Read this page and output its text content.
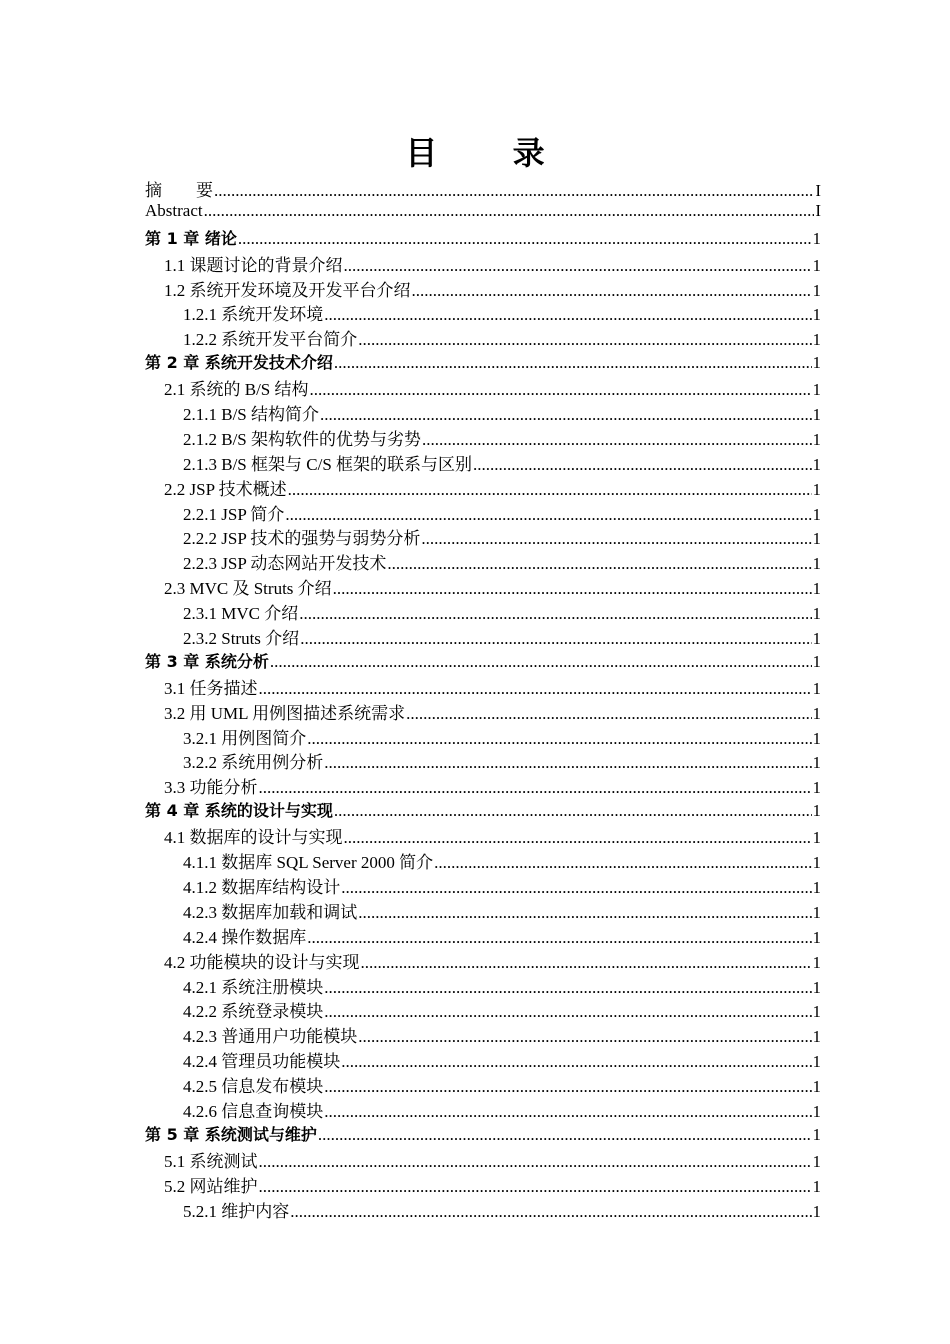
目 录
摘　　要 .....	I
Abstract .....	I
第 1 章 绪论 .....	1
1.1 课题讨论的背景介绍 .....	1
1.2 系统开发环境及开发平台介绍 .....	1
1.2.1 系统开发环境 .....	1
1.2.2 系统开发平台简介 .....	1
第 2 章 系统开发技术介绍 .....	1
2.1 系统的 B/S 结构 .....	1
2.1.1 B/S 结构简介 .....	1
2.1.2 B/S 架构软件的优势与劣势 .....	1
2.1.3 B/S 框架与 C/S 框架的联系与区别 .....	1
2.2 JSP 技术概述 .....	1
2.2.1 JSP 简介 .....	1
2.2.2 JSP 技术的强势与弱势分析 .....	1
2.2.3 JSP 动态网站开发技术 .....	1
2.3 MVC 及 Struts 介绍 .....	1
2.3.1 MVC 介绍 .....	1
2.3.2 Struts 介绍 .....	1
第 3 章 系统分析 .....	1
3.1 任务描述 .....	1
3.2 用 UML 用例图描述系统需求 .....	1
3.2.1 用例图简介 .....	1
3.2.2 系统用例分析 .....	1
3.3 功能分析 .....	1
第 4 章 系统的设计与实现 .....	1
4.1 数据库的设计与实现 .....	1
4.1.1 数据库 SQL Server 2000 简介 .....	1
4.1.2 数据库结构设计 .....	1
4.2.3 数据库加载和调试 .....	1
4.2.4 操作数据库 .....	1
4.2 功能模块的设计与实现 .....	1
4.2.1 系统注册模块 .....	1
4.2.2 系统登录模块 .....	1
4.2.3 普通用户功能模块 .....	1
4.2.4 管理员功能模块 .....	1
4.2.5 信息发布模块 .....	1
4.2.6 信息查询模块 .....	1
第 5 章 系统测试与维护 .....	1
5.1 系统测试 .....	1
5.2 网站维护 .....	1
5.2.1 维护内容 .....	1
